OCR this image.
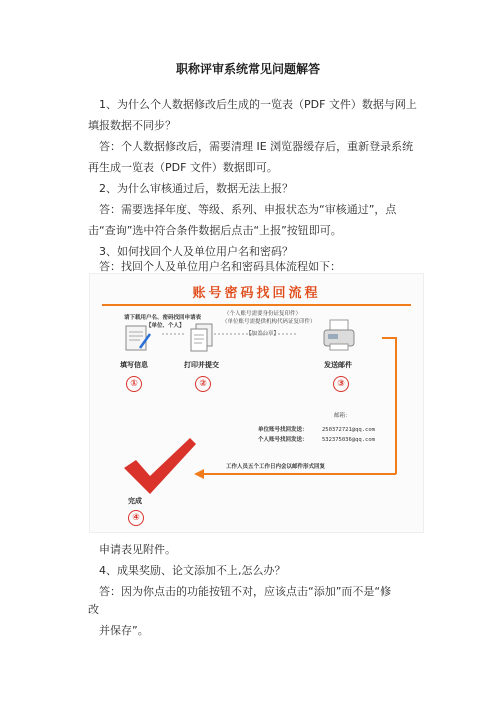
职称评审系统常见问题解答

1、为什么个人数据修改后生成的一览表（PDF 文件）数据与网上

填报数据不同步？

答：个人数据修改后，需要清理 IE 浏览器缓存后，重新登录系统

再生成一览表（PDF 文件）数据即可。

2、为什么审核通过后，数据无法上报？

答：需要选择年度、等级、系列、申报状态为“审核通过”，点

击“查询”选中符合条件数据后点击“上报”按钮即可。

3、如何找回个人及单位用户名和密码？

答：找回个人及单位用户名和密码具体流程如下：

账号密码找回流程
请下载用户名、密码找回申请表
【单位、个人】
（个人账号需要身份证复印件）
（单位账号需提供机构代码证复印件）
【加盖公章】
填写信息	打印并提交	发送邮件
①	②	③
邮箱：
单位账号找回发送：	250372721@qq.com
个人账号找回发送：	532375036@qq.com
工作人员五个工作日内会以邮件形式回复
完成
④

申请表见附件。

4、成果奖励、论文添加不上,怎么办？

答：因为你点击的功能按钮不对，应该点击“添加”而不是“修

改

并保存”。
